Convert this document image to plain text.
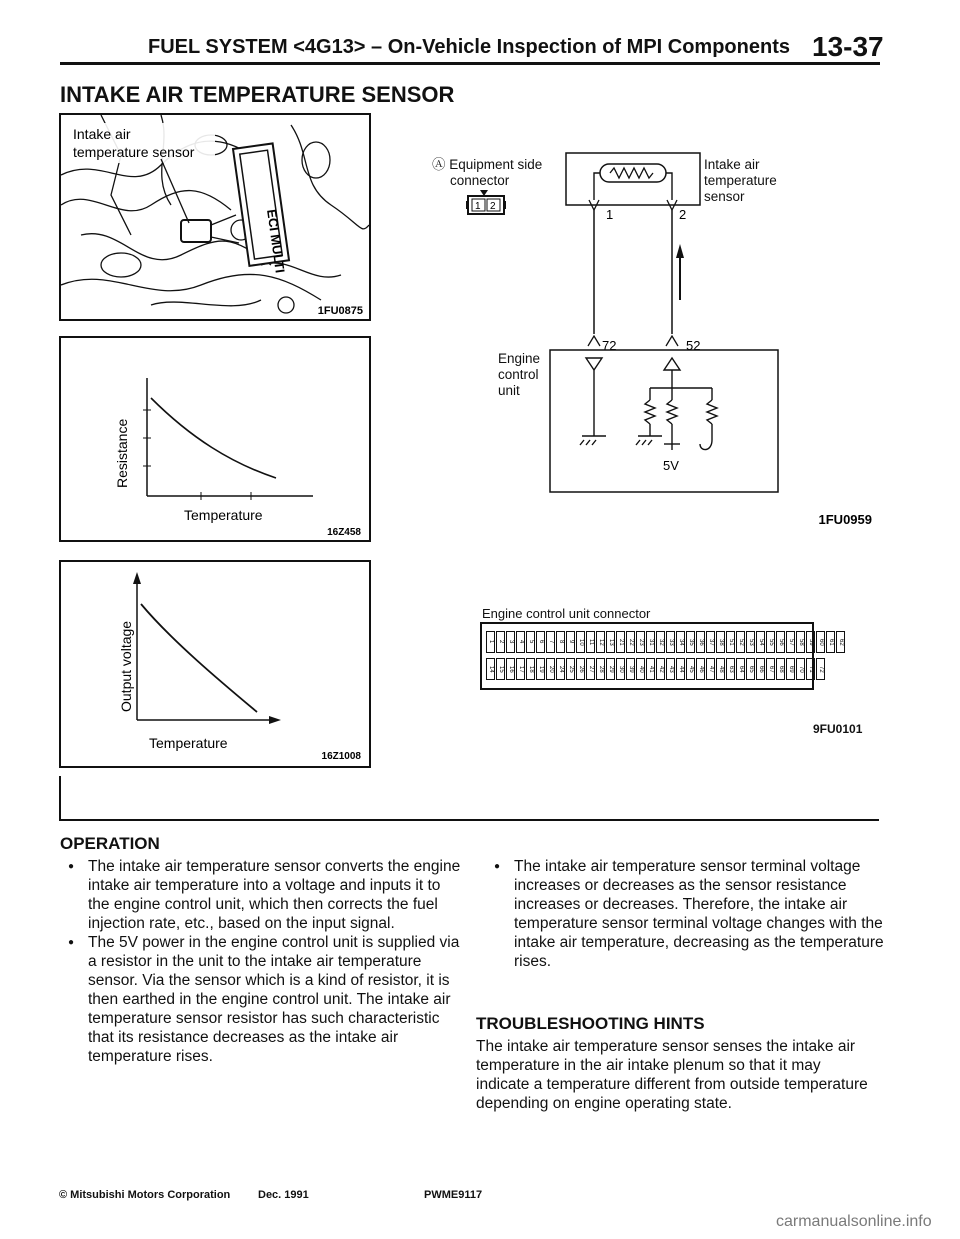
FUEL SYSTEM <4G13> – On-Vehicle Inspection of MPI Components 13-37
INTAKE AIR TEMPERATURE SENSOR
ECI MULTI
Intake air
temperature sensor
1FU0875
Resistance
Temperature
16Z458
Output voltage
Temperature
16Z1008
Ⓐ Equipment side
connector
Intake air
temperature
sensor
1 2
1	2
72	52
Engine
control
unit
5V
1FU0959
Engine control unit connector
1 2 3 4 5 6 7 8 9 10 11 12 13 21 22 23 31 32 33 34 35 36 37 38 51 52 53 54 55 56 57 58 59 60 61 62
14 15 16 17 18 19 20 24 25 26 27 28 29 30 39 40 41 42 43 44 45 46 47 48 63 64 65 66 67 68 69 70 71 72
9FU0101
OPERATION
● The intake air temperature sensor converts the engine intake air temperature into a voltage and inputs it to the engine control unit, which then corrects the fuel injection rate, etc., based on the input signal.
● The 5V power in the engine control unit is supplied via a resistor in the unit to the intake air temperature sensor. Via the sensor which is a kind of resistor, it is then earthed in the engine control unit. The intake air temperature sensor resistor has such characteristic that its resistance decreases as the intake air temperature rises.
● The intake air temperature sensor terminal voltage increases or decreases as the sensor resistance increases or decreases. Therefore, the intake air temperature sensor terminal voltage changes with the intake air temperature, decreasing as the temperature rises.
TROUBLESHOOTING HINTS
The intake air temperature sensor senses the intake air temperature in the air intake plenum so that it may indicate a temperature different from outside temperature depending on engine operating state.
© Mitsubishi Motors Corporation	Dec. 1991	PWME9117
carmanualsonline.info
